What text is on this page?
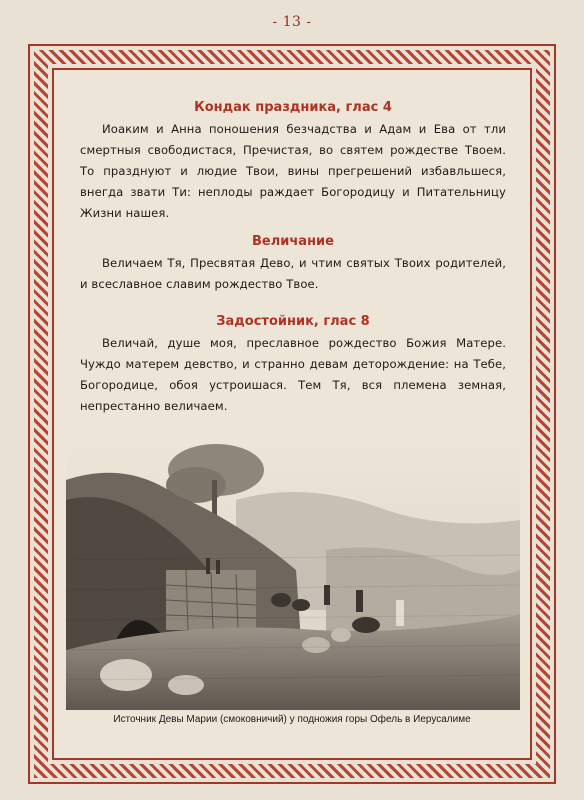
- 13 -
Кондак праздника, глас 4

Иоаким и Анна поношения безчадства и Адам и Ева от тли смертныя свободистася, Пречистая, во святем рождестве Твоем. То празднуют и людие Твои, вины прегрешений избавльшеся, внегда звати Ти: неплоды раждает Богородицу и Питательницу Жизни нашея.

Величание

Величаем Тя, Пресвятая Дево, и чтим святых Твоих родителей, и всеславное славим рождество Твое.

Задостойник, глас 8

Величай, душе моя, преславное рождество Божия Матере. Чуждо матерем девство, и странно девам деторождение: на Тебе, Богородице, обоя устроишася. Тем Тя, вся племена земная, непрестанно величаем.

Источник Девы Марии (смоковничий) у подножия горы Офель в Иерусалиме
